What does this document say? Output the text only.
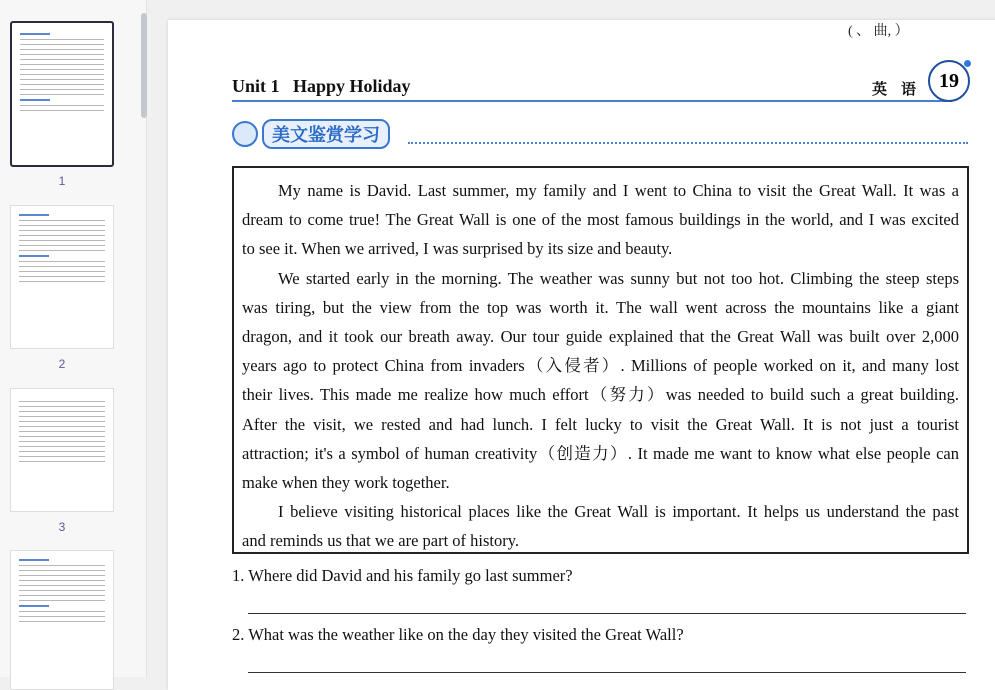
1
2
3
( 、 曲, ）
Unit 1   Happy Holiday	英语 19
美文鉴赏学习
My name is David. Last summer, my family and I went to China to visit the Great Wall. It was a
dream to come true! The Great Wall is one of the most famous buildings in the world, and I was excited
to see it. When we arrived, I was surprised by its size and beauty.
We started early in the morning. The weather was sunny but not too hot. Climbing the steep steps
was tiring, but the view from the top was worth it. The wall went across the mountains like a giant
dragon, and it took our breath away. Our tour guide explained that the Great Wall was built over 2,000
years ago to protect China from invaders（入侵者）. Millions of people worked on it, and many lost
their lives. This made me realize how much effort（努力）was needed to build such a great building.
After the visit, we rested and had lunch. I felt lucky to visit the Great Wall. It is not just a tourist
attraction; it's a symbol of human creativity（创造力）. It made me want to know what else people can
make when they work together.
I believe visiting historical places like the Great Wall is important. It helps us understand the past
and reminds us that we are part of history.
1. Where did David and his family go last summer?
2. What was the weather like on the day they visited the Great Wall?
